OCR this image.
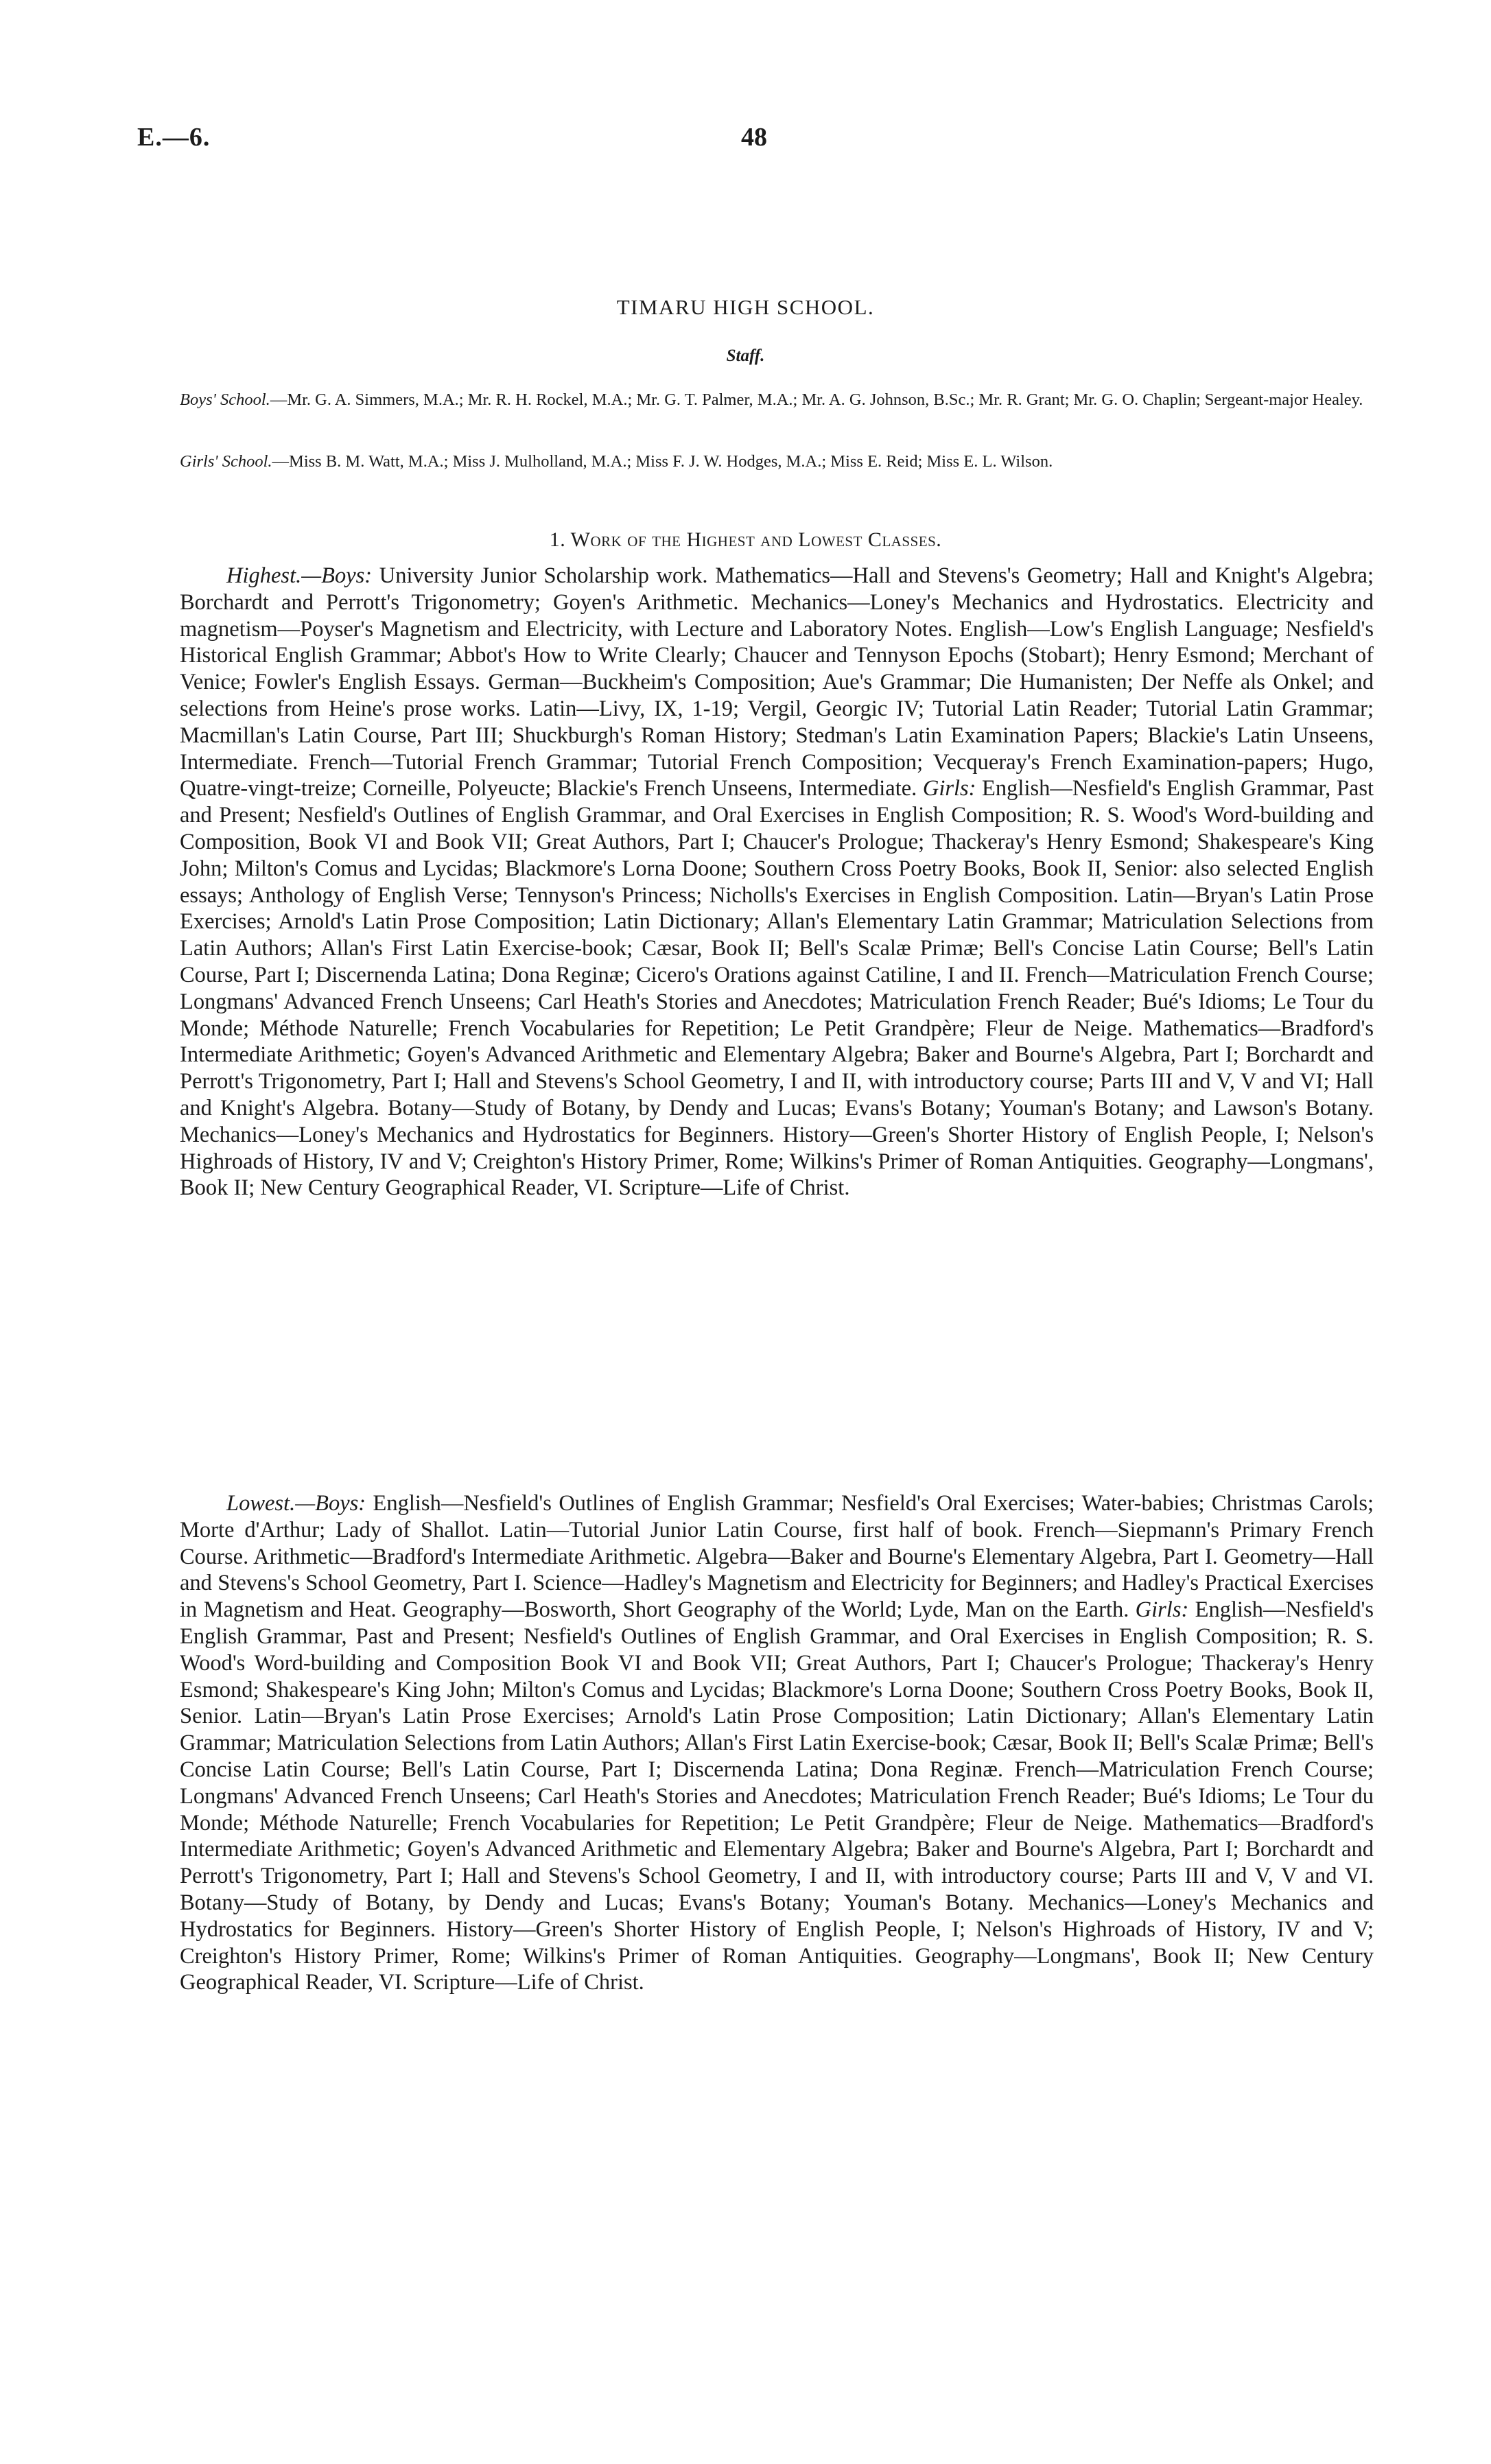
E.—6.	48
TIMARU HIGH SCHOOL.
Staff.
Boys' School.—Mr. G. A. Simmers, M.A.; Mr. R. H. Rockel, M.A.; Mr. G. T. Palmer, M.A.; Mr. A. G. Johnson, B.Sc.; Mr. R. Grant; Mr. G. O. Chaplin; Sergeant-major Healey.
Girls' School.—Miss B. M. Watt, M.A.; Miss J. Mulholland, M.A.; Miss F. J. W. Hodges, M.A.; Miss E. Reid; Miss E. L. Wilson.
1. Work of the Highest and Lowest Classes.
Highest.—Boys: University Junior Scholarship work. Mathematics—Hall and Stevens's Geometry; Hall and Knight's Algebra; Borchardt and Perrott's Trigonometry; Goyen's Arithmetic. Mechanics—Loney's Mechanics and Hydrostatics. Electricity and magnetism—Poyser's Magnetism and Electricity, with Lecture and Laboratory Notes. English—Low's English Language; Nesfield's Historical English Grammar; Abbot's How to Write Clearly; Chaucer and Tennyson Epochs (Stobart); Henry Esmond; Merchant of Venice; Fowler's English Essays. German—Buckheim's Composition; Aue's Grammar; Die Humanisten; Der Neffe als Onkel; and selections from Heine's prose works. Latin—Livy, IX, 1-19; Vergil, Georgic IV; Tutorial Latin Reader; Tutorial Latin Grammar; Macmillan's Latin Course, Part III; Shuckburgh's Roman History; Stedman's Latin Examination Papers; Blackie's Latin Unseens, Intermediate. French—Tutorial French Grammar; Tutorial French Composition; Vecqueray's French Examination-papers; Hugo, Quatre-vingt-treize; Corneille, Polyeucte; Blackie's French Unseens, Intermediate. Girls: English—Nesfield's English Grammar, Past and Present; Nesfield's Outlines of English Grammar, and Oral Exercises in English Composition; R. S. Wood's Word-building and Composition, Book VI and Book VII; Great Authors, Part I; Chaucer's Prologue; Thackeray's Henry Esmond; Shakespeare's King John; Milton's Comus and Lycidas; Blackmore's Lorna Doone; Southern Cross Poetry Books, Book II, Senior: also selected English essays; Anthology of English Verse; Tennyson's Princess; Nicholls's Exercises in English Composition. Latin—Bryan's Latin Prose Exercises; Arnold's Latin Prose Composition; Latin Dictionary; Allan's Elementary Latin Grammar; Matriculation Selections from Latin Authors; Allan's First Latin Exercise-book; Cæsar, Book II; Bell's Scalæ Primæ; Bell's Concise Latin Course; Bell's Latin Course, Part I; Discernenda Latina; Dona Reginæ; Cicero's Orations against Catiline, I and II. French—Matriculation French Course; Longmans' Advanced French Unseens; Carl Heath's Stories and Anecdotes; Matriculation French Reader; Bué's Idioms; Le Tour du Monde; Méthode Naturelle; French Vocabularies for Repetition; Le Petit Grandpère; Fleur de Neige. Mathematics—Bradford's Intermediate Arithmetic; Goyen's Advanced Arithmetic and Elementary Algebra; Baker and Bourne's Algebra, Part I; Borchardt and Perrott's Trigonometry, Part I; Hall and Stevens's School Geometry, I and II, with introductory course; Parts III and V, V and VI; Hall and Knight's Algebra. Botany—Study of Botany, by Dendy and Lucas; Evans's Botany; Youman's Botany; and Lawson's Botany. Mechanics—Loney's Mechanics and Hydrostatics for Beginners. History—Green's Shorter History of English People, I; Nelson's Highroads of History, IV and V; Creighton's History Primer, Rome; Wilkins's Primer of Roman Antiquities. Geography—Longmans', Book II; New Century Geographical Reader, VI. Scripture—Life of Christ.
Lowest.—Boys: English—Nesfield's Outlines of English Grammar; Nesfield's Oral Exercises; Water-babies; Christmas Carols; Morte d'Arthur; Lady of Shallot. Latin—Tutorial Junior Latin Course, first half of book. French—Siepmann's Primary French Course. Arithmetic—Bradford's Intermediate Arithmetic. Algebra—Baker and Bourne's Elementary Algebra, Part I. Geometry—Hall and Stevens's School Geometry, Part I. Science—Hadley's Magnetism and Electricity for Beginners; and Hadley's Practical Exercises in Magnetism and Heat. Geography—Bosworth, Short Geography of the World; Lyde, Man on the Earth. Girls: English—Nesfield's English Grammar, Past and Present; Nesfield's Outlines of English Grammar, and Oral Exercises in English Composition; R. S. Wood's Word-building and Composition Book VI and Book VII; Great Authors, Part I; Chaucer's Prologue; Thackeray's Henry Esmond; Shakespeare's King John; Milton's Comus and Lycidas; Blackmore's Lorna Doone; Southern Cross Poetry Books, Book II, Senior. Latin—Bryan's Latin Prose Exercises; Arnold's Latin Prose Composition; Latin Dictionary; Allan's Elementary Latin Grammar; Matriculation Selections from Latin Authors; Allan's First Latin Exercise-book; Cæsar, Book II; Bell's Scalæ Primæ; Bell's Concise Latin Course; Bell's Latin Course, Part I; Discernenda Latina; Dona Reginæ. French—Matriculation French Course; Longmans' Advanced French Unseens; Carl Heath's Stories and Anecdotes; Matriculation French Reader; Bué's Idioms; Le Tour du Monde; Méthode Naturelle; French Vocabularies for Repetition; Le Petit Grandpère; Fleur de Neige. Mathematics—Bradford's Intermediate Arithmetic; Goyen's Advanced Arithmetic and Elementary Algebra; Baker and Bourne's Algebra, Part I; Borchardt and Perrott's Trigonometry, Part I; Hall and Stevens's School Geometry, I and II, with introductory course; Parts III and V, V and VI. Botany—Study of Botany, by Dendy and Lucas; Evans's Botany; Youman's Botany. Mechanics—Loney's Mechanics and Hydrostatics for Beginners. History—Green's Shorter History of English People, I; Nelson's Highroads of History, IV and V; Creighton's History Primer, Rome; Wilkins's Primer of Roman Antiquities. Geography—Longmans', Book II; New Century Geographical Reader, VI. Scripture—Life of Christ.
